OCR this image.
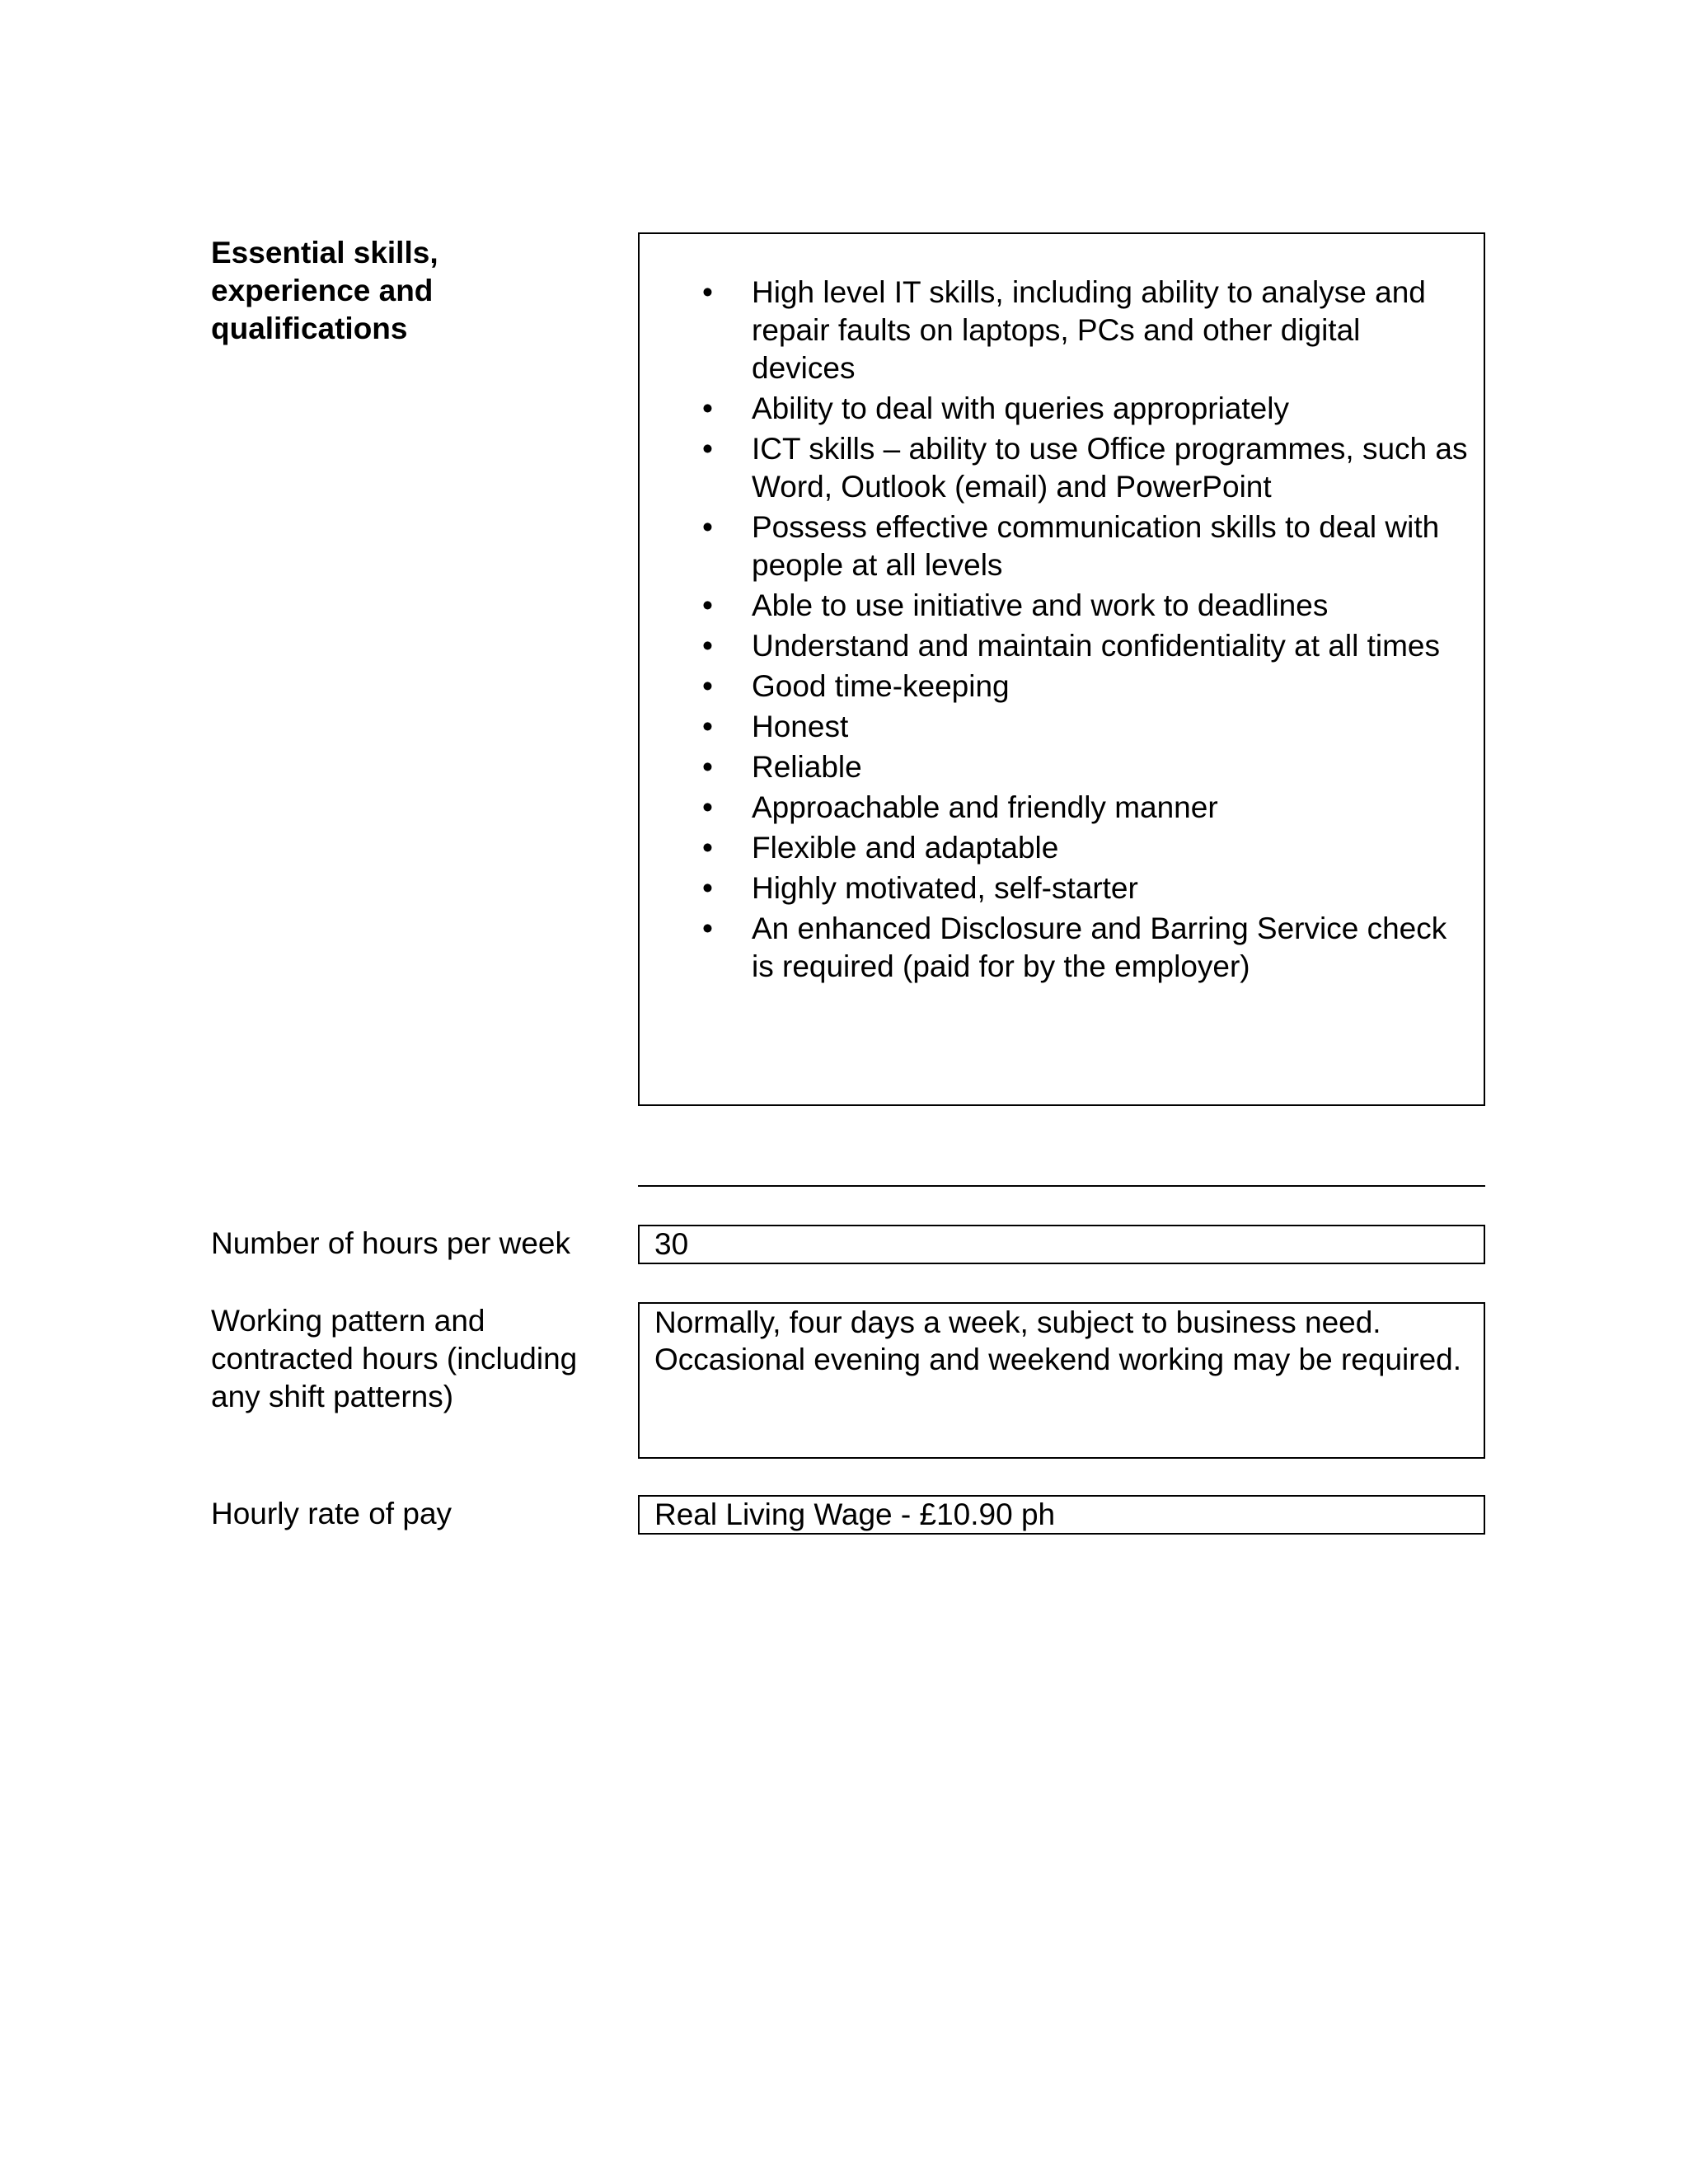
Essential skills,
experience and
qualifications
• High level IT skills, including ability to analyse and repair faults on laptops, PCs and other digital devices
• Ability to deal with queries appropriately
• ICT skills – ability to use Office programmes, such as Word, Outlook (email) and PowerPoint
• Possess effective communication skills to deal with people at all levels
• Able to use initiative and work to deadlines
• Understand and maintain confidentiality at all times
• Good time-keeping
• Honest
• Reliable
• Approachable and friendly manner
• Flexible and adaptable
• Highly motivated, self-starter
• An enhanced Disclosure and Barring Service check is required (paid for by the employer)
Number of hours per week	30
Working pattern and
contracted hours (including
any shift patterns)
Normally, four days a week, subject to business need. Occasional evening and weekend working may be required.
Hourly rate of pay	Real Living Wage - £10.90 ph
